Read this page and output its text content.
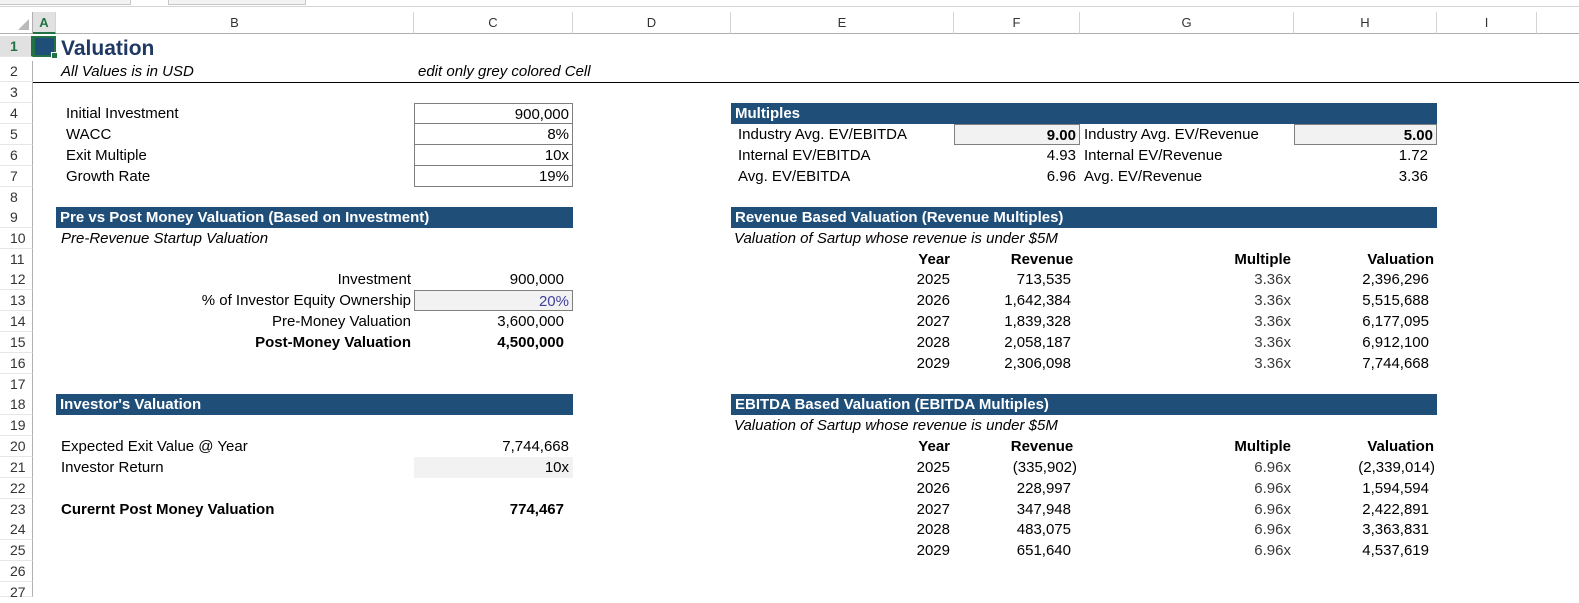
A	B	C	D	E	F	G	H	I
1
2
3
4
5
6
7
8
9
10
11
12
13
14
15
16
17
18
19
20
21
22
23
24
25
26
27
Valuation
All Values is in USD	edit only grey colored Cell
Initial Investment	900,000
WACC	8%
Exit Multiple	10x
Growth Rate	19%
Multiples
Industry Avg. EV/EBITDA	9.00 Industry Avg. EV/Revenue	5.00
Internal EV/EBITDA	4.93 Internal EV/Revenue	1.72
Avg. EV/EBITDA	6.96 Avg. EV/Revenue	3.36
Pre vs Post Money Valuation (Based on Investment)
Pre-Revenue Startup Valuation
Investment	900,000
% of Investor Equity Ownership	20%
Pre-Money Valuation	3,600,000
Post-Money Valuation	4,500,000
Investor's Valuation
Expected Exit Value @ Year	7,744,668
Investor Return	10x
Curernt Post Money Valuation	774,467
Revenue Based Valuation (Revenue Multiples)
Valuation of Sartup whose revenue is under $5M
Year	Revenue	Multiple	Valuation
2025	713,535	3.36x	2,396,296
2026	1,642,384	3.36x	5,515,688
2027	1,839,328	3.36x	6,177,095
2028	2,058,187	3.36x	6,912,100
2029	2,306,098	3.36x	7,744,668
EBITDA Based Valuation (EBITDA Multiples)
Valuation of Sartup whose revenue is under $5M
Year	Revenue	Multiple	Valuation
2025	(335,902)	6.96x	(2,339,014)
2026	228,997	6.96x	1,594,594
2027	347,948	6.96x	2,422,891
2028	483,075	6.96x	3,363,831
2029	651,640	6.96x	4,537,619
